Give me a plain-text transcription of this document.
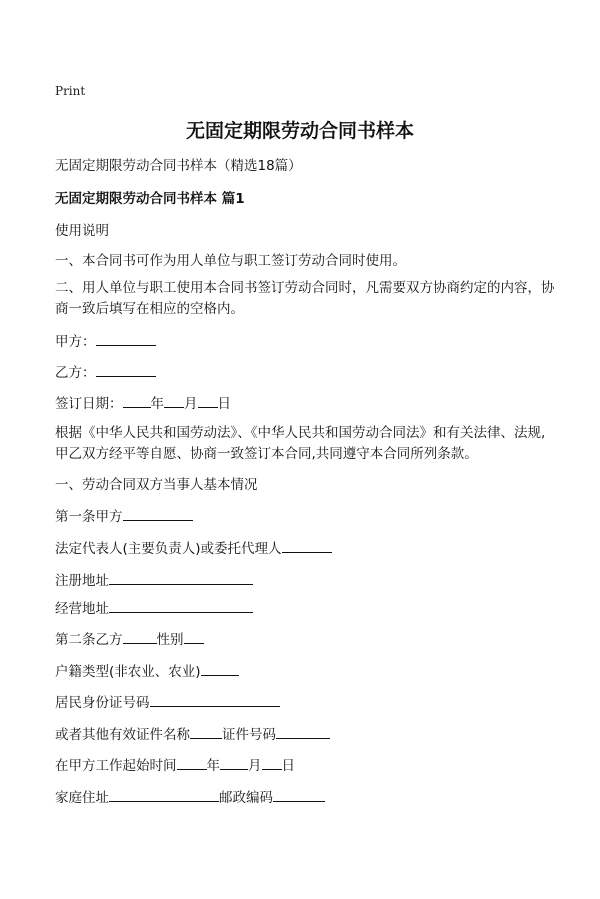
Print
无固定期限劳动合同书样本

无固定期限劳动合同书样本（精选18篇）

无固定期限劳动合同书样本 篇1

使用说明

一、本合同书可作为用人单位与职工签订劳动合同时使用。

二、用人单位与职工使用本合同书签订劳动合同时，凡需要双方协商约定的内容，协商一致后填写在相应的空格内。

甲方：

乙方：

签订日期： 年 月 日

根据《中华人民共和国劳动法》、《中华人民共和国劳动合同法》和有关法律、法规,甲乙双方经平等自愿、协商一致签订本合同,共同遵守本合同所列条款。

一、劳动合同双方当事人基本情况

第一条甲方

法定代表人(主要负责人)或委托代理人

注册地址

经营地址

第二条乙方	性别

户籍类型(非农业、农业)

居民身份证号码

或者其他有效证件名称 证件号码

在甲方工作起始时间 年 月 日

家庭住址	邮政编码
